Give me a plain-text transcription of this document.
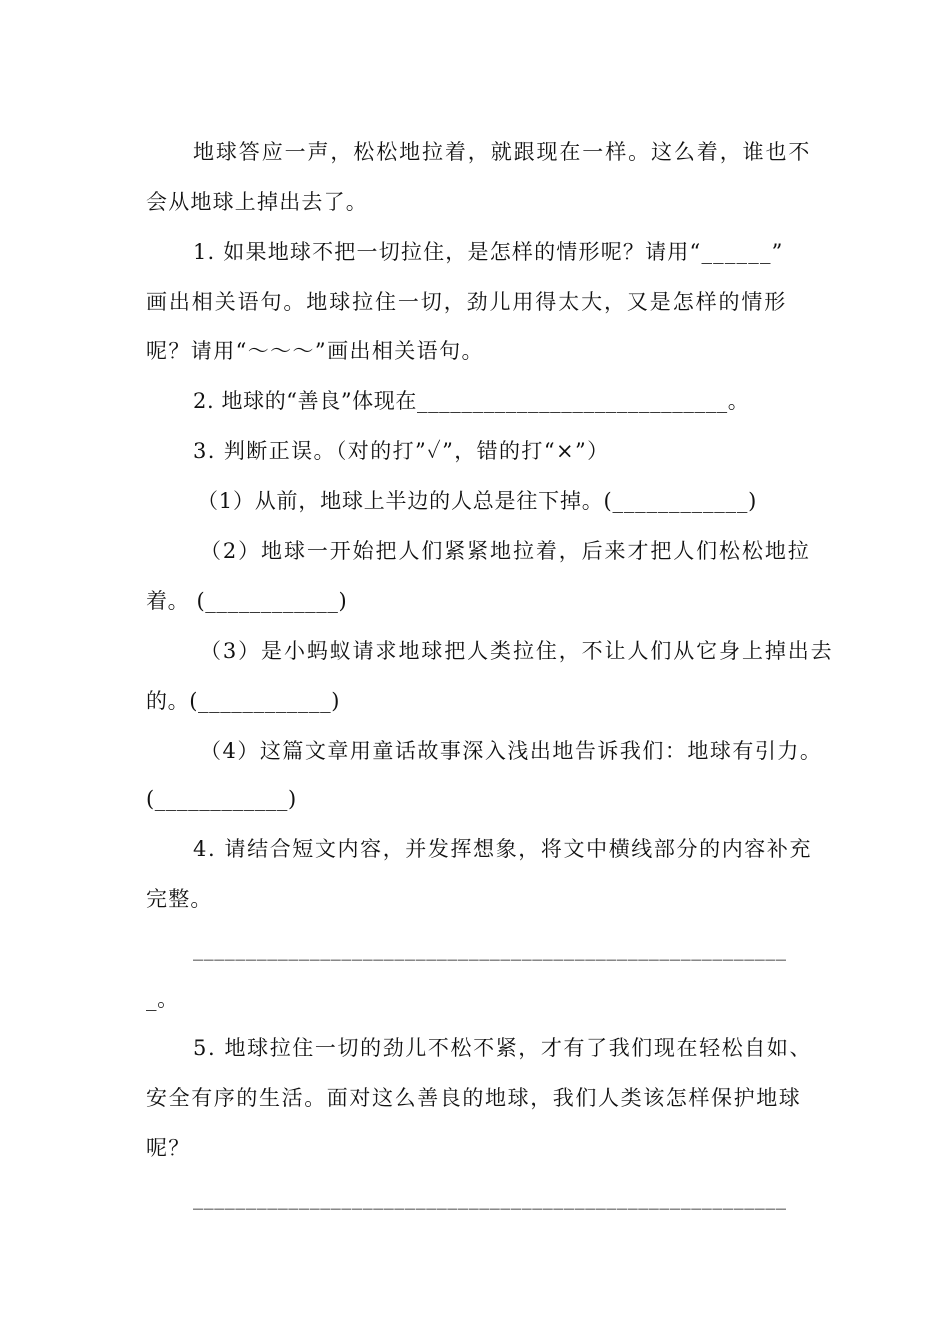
地球答应一声，松松地拉着，就跟现在一样。这么着，谁也不
会从地球上掉出去了。
1. 如果地球不把一切拉住，是怎样的情形呢？请用“______”
画出相关语句。地球拉住一切，劲儿用得太大，又是怎样的情形
呢？请用“～～～”画出相关语句。
2. 地球的“善良”体现在____________________________。
3. 判断正误。（对的打”✓”，错的打“×”）
（1）从前，地球上半边的人总是往下掉。(____________)
（2）地球一开始把人们紧紧地拉着，后来才把人们松松地拉
着。 (____________)
（3）是小蚂蚁请求地球把人类拉住，不让人们从它身上掉出去
的。(____________)
（4）这篇文章用童话故事深入浅出地告诉我们：地球有引力。
(____________)
4. 请结合短文内容，并发挥想象，将文中横线部分的内容补充
完整。
________________________________________________________
_。
5. 地球拉住一切的劲儿不松不紧，才有了我们现在轻松自如、
安全有序的生活。面对这么善良的地球，我们人类该怎样保护地球
呢？
________________________________________________________
